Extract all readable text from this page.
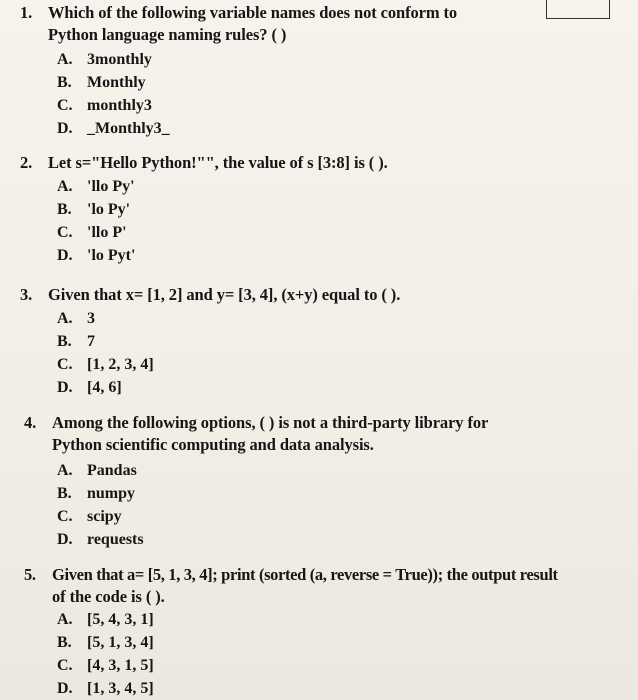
1. Which of the following variable names does not conform to
Python language naming rules? ( )
A. 3monthly
B. Monthly
C. monthly3
D. _Monthly3_
2. Let s="Hello Python!"", the value of s [3:8] is ( ).
A. 'llo Py'
B. 'lo Py'
C. 'llo P'
D. 'lo Pyt'
3. Given that x= [1, 2] and y= [3, 4], (x+y) equal to ( ).
A. 3
B. 7
C. [1, 2, 3, 4]
D. [4, 6]
4. Among the following options, ( ) is not a third-party library for
Python scientific computing and data analysis.
A. Pandas
B. numpy
C. scipy
D. requests
5. Given that a= [5, 1, 3, 4]; print (sorted (a, reverse = True)); the output result
of the code is ( ).
A. [5, 4, 3, 1]
B. [5, 1, 3, 4]
C. [4, 3, 1, 5]
D. [1, 3, 4, 5]
